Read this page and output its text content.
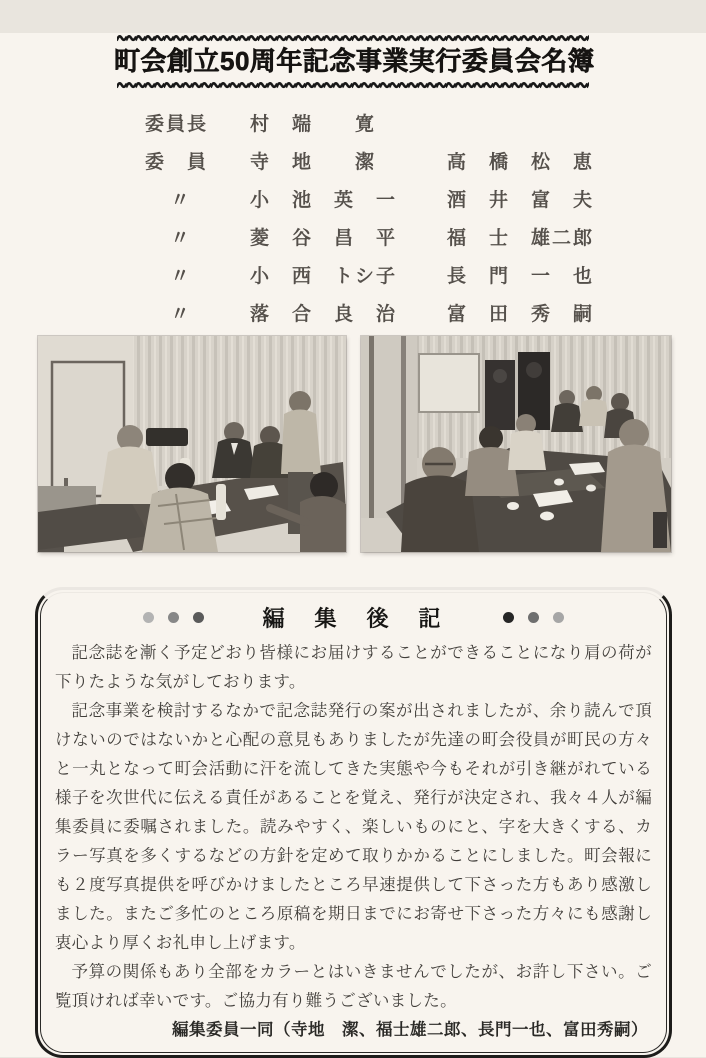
町会創立50周年記念事業実行委員会名簿
委員長	村　端　　寛
委　員	寺　地　　潔	高　橋　松　恵
〃	小　池　英　一	酒　井　富　夫
〃	菱　谷　昌　平	福　士　雄二郎
〃	小　西　トシ子	長　門　一　也
〃	落　合　良　治	富　田　秀　嗣
編　集　後　記

記念誌を漸く予定どおり皆様にお届けすることができることになり肩の荷が下りたような気がしております。

記念事業を検討するなかで記念誌発行の案が出されましたが、余り読んで頂けないのではないかと心配の意見もありましたが先達の町会役員が町民の方々と一丸となって町会活動に汗を流してきた実態や今もそれが引き継がれている様子を次世代に伝える責任があることを覚え、発行が決定され、我々４人が編集委員に委嘱されました。読みやすく、楽しいものにと、字を大きくする、カラー写真を多くするなどの方針を定めて取りかかることにしました。町会報にも２度写真提供を呼びかけましたところ早速提供して下さった方もあり感激しました。またご多忙のところ原稿を期日までにお寄せ下さった方々にも感謝し衷心より厚くお礼申し上げます。

予算の関係もあり全部をカラーとはいきませんでしたが、お許し下さい。ご覧頂ければ幸いです。ご協力有り難うございました。

編集委員一同（寺地　潔、福士雄二郎、長門一也、富田秀嗣）
